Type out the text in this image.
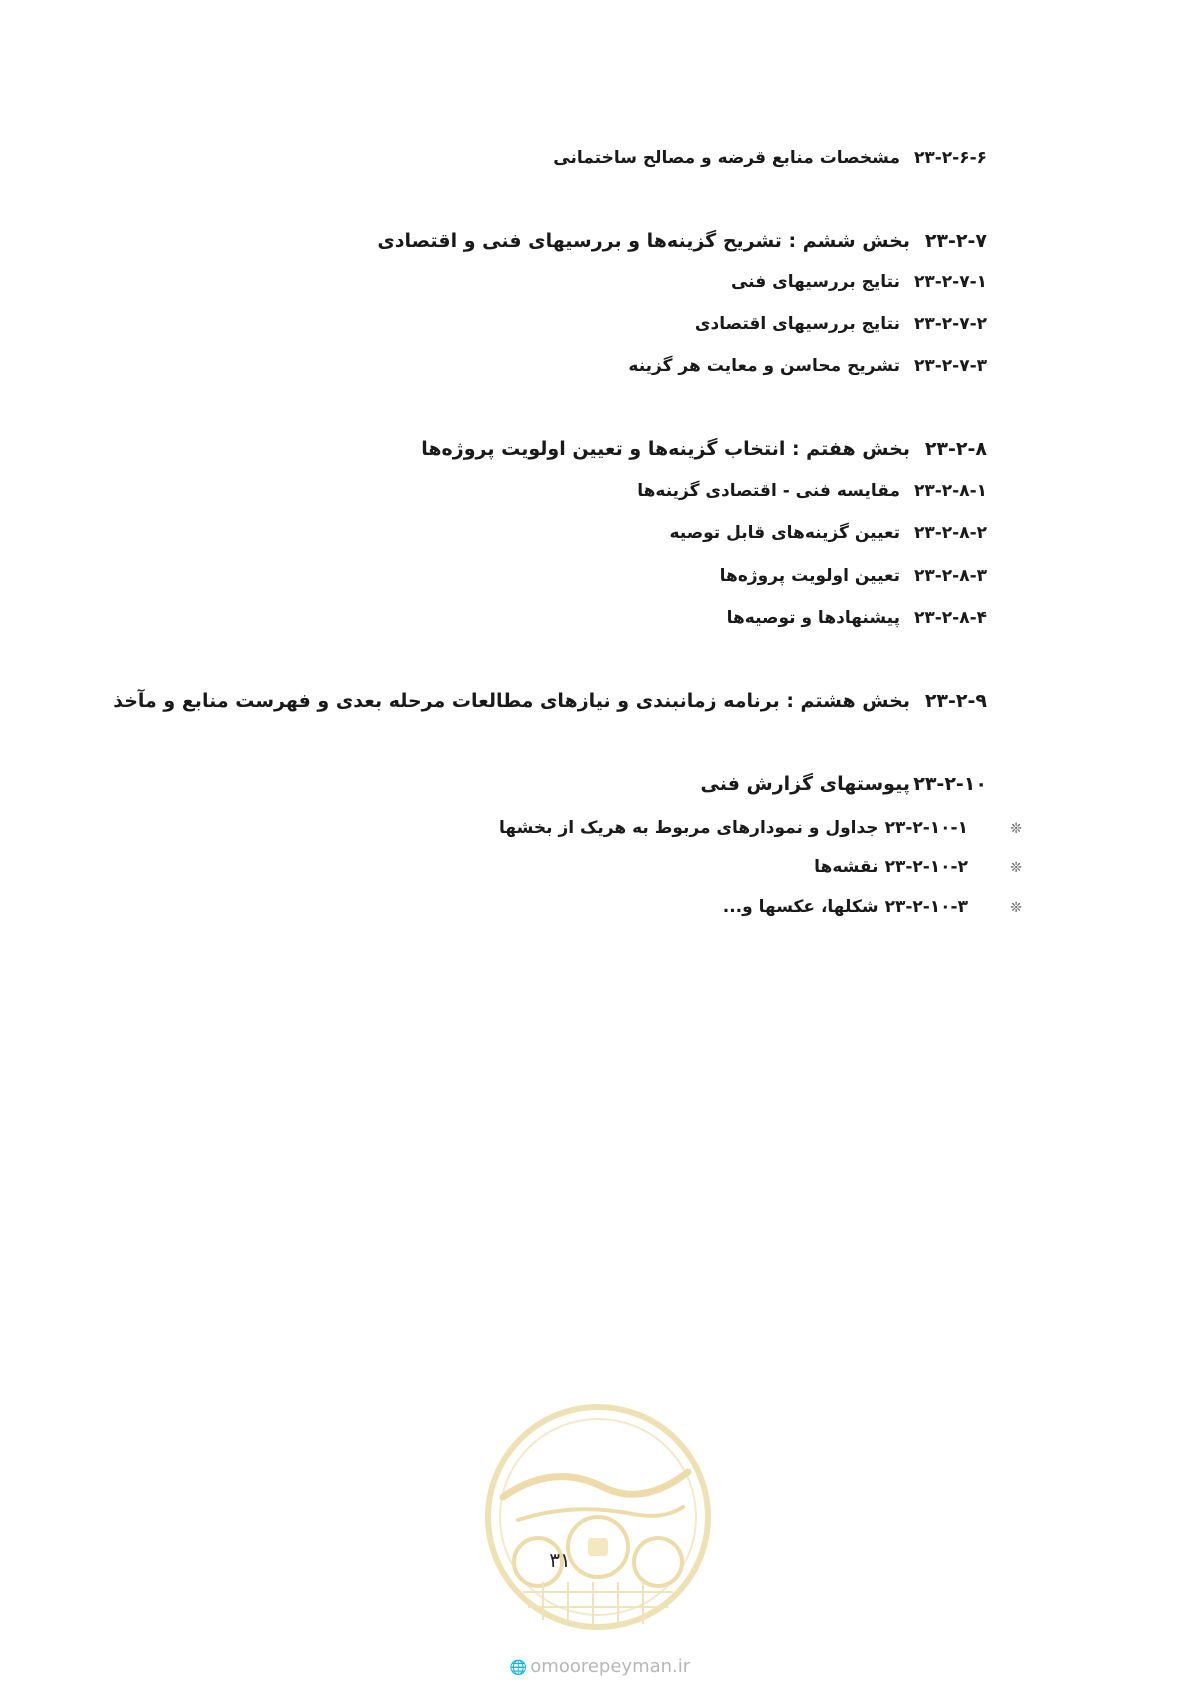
۲۳-۲-۶-۶مشخصات منابع قرضه و مصالح ساختمانی
۲۳-۲-۷بخش ششم : تشریح گزینه‌ها و بررسیهای فنی و اقتصادی
۲۳-۲-۷-۱نتایج بررسیهای فنی
۲۳-۲-۷-۲نتایج بررسیهای اقتصادی
۲۳-۲-۷-۳تشریح محاسن و معایت هر گزینه
۲۳-۲-۸بخش هفتم : انتخاب گزینه‌ها و تعیین اولویت پروژه‌ها
۲۳-۲-۸-۱مقایسه فنی - اقتصادی گزینه‌ها
۲۳-۲-۸-۲تعیین گزینه‌های قابل توصیه
۲۳-۲-۸-۳تعیین اولویت پروژه‌ها
۲۳-۲-۸-۴پیشنهادها و توصیه‌ها
۲۳-۲-۹بخش هشتم : برنامه زمانبندی و نیازهای مطالعات مرحله بعدی و فهرست منابع و مآخذ
۲۳-۲-۱۰پیوستهای گزارش فنی
❊۲۳-۲-۱۰-۱جداول و نمودارهای مربوط به هریک از بخشها
❊۲۳-۲-۱۰-۲نقشه‌ها
❊۲۳-۲-۱۰-۳شکلها، عکسها و...
۳۱
🌐 omoorepeyman.ir
